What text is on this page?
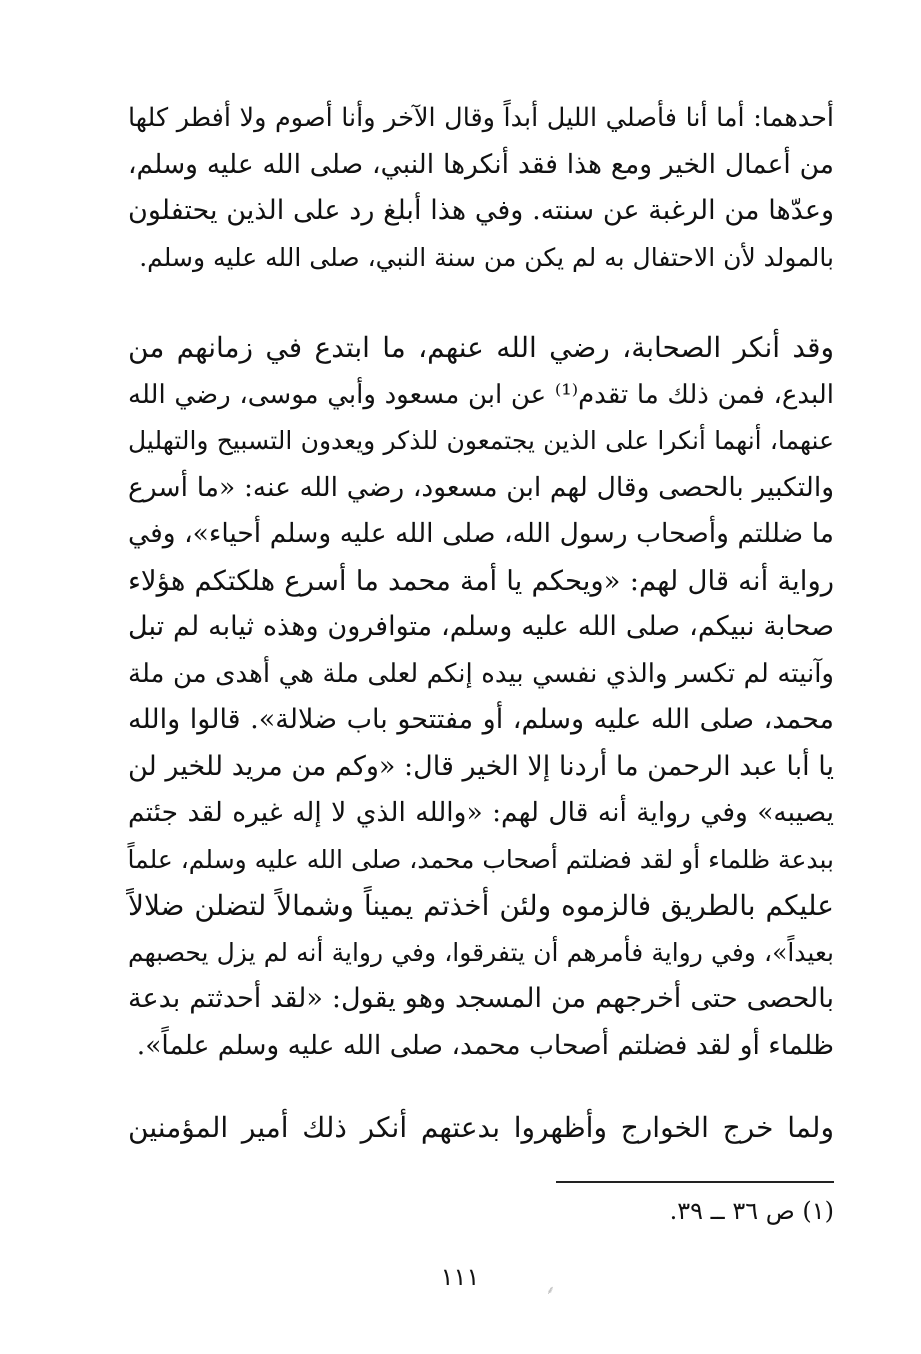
أحدهما: أما أنا فأصلي الليل أبداً وقال الآخر وأنا أصوم ولا أفطر كلها
من أعمال الخير ومع هذا فقد أنكرها النبي، صلى الله عليه وسلم،
وعدّها من الرغبة عن سنته. وفي هذا أبلغ رد على الذين يحتفلون
بالمولد لأن الاحتفال به لم يكن من سنة النبي، صلى الله عليه وسلم.
وقد أنكر الصحابة، رضي الله عنهم، ما ابتدع في زمانهم من
البدع، فمن ذلك ما تقدم⁽¹⁾ عن ابن مسعود وأبي موسى، رضي الله
عنهما، أنهما أنكرا على الذين يجتمعون للذكر ويعدون التسبيح والتهليل
والتكبير بالحصى وقال لهم ابن مسعود، رضي الله عنه: «ما أسرع
ما ضللتم وأصحاب رسول الله، صلى الله عليه وسلم أحياء»، وفي
رواية أنه قال لهم: «ويحكم يا أمة محمد ما أسرع هلكتكم هؤلاء
صحابة نبيكم، صلى الله عليه وسلم، متوافرون وهذه ثيابه لم تبل
وآنيته لم تكسر والذي نفسي بيده إنكم لعلى ملة هي أهدى من ملة
محمد، صلى الله عليه وسلم، أو مفتتحو باب ضلالة». قالوا والله
يا أبا عبد الرحمن ما أردنا إلا الخير قال: «وكم من مريد للخير لن
يصيبه» وفي رواية أنه قال لهم: «والله الذي لا إله غيره لقد جئتم
ببدعة ظلماء أو لقد فضلتم أصحاب محمد، صلى الله عليه وسلم، علماً
عليكم بالطريق فالزموه ولئن أخذتم يميناً وشمالاً لتضلن ضلالاً
بعيداً»، وفي رواية فأمرهم أن يتفرقوا، وفي رواية أنه لم يزل يحصبهم
بالحصى حتى أخرجهم من المسجد وهو يقول: «لقد أحدثتم بدعة
ظلماء أو لقد فضلتم أصحاب محمد، صلى الله عليه وسلم علماً».
ولما خرج الخوارج وأظهروا بدعتهم أنكر ذلك أمير المؤمنين
(١) ص ٣٦ ــ ٣٩.
١١١	⸙
